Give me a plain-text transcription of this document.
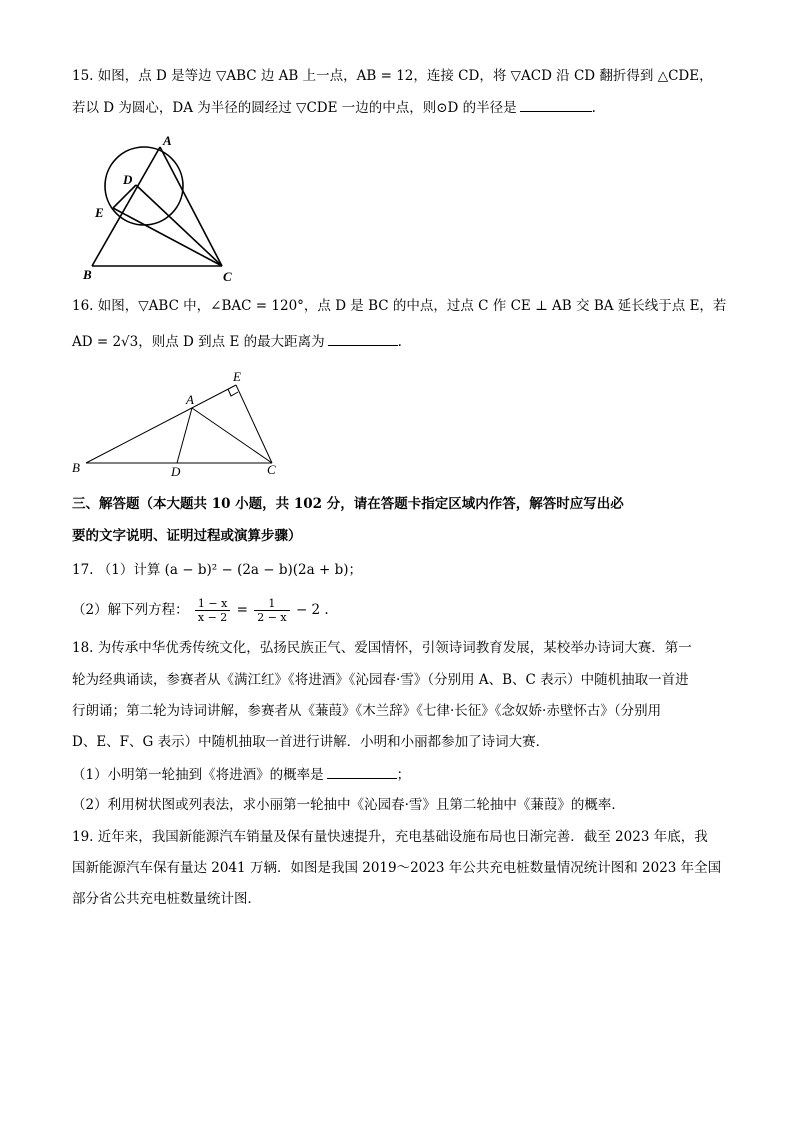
15. 如图，点 D 是等边 ▽ABC 边 AB 上一点，AB = 12，连接 CD，将 ▽ACD 沿 CD 翻折得到 △CDE，
若以 D 为圆心，DA 为半径的圆经过 ▽CDE 一边的中点，则⊙D 的半径是	.
A
D
E
B	C
16. 如图，▽ABC 中，∠BAC = 120°，点 D 是 BC 的中点，过点 C 作 CE ⊥ AB 交 BA 延长线于点 E，若
AD = 2√3，则点 D 到点 E 的最大距离为	.
E
A
B	D	C
三、解答题（本大题共 10 小题，共 102 分，请在答题卡指定区域内作答，解答时应写出必
要的文字说明、证明过程或演算步骤）
17. （1）计算 (a − b)² − (2a − b)(2a + b)；
（2）解下列方程： $\frac{1 - x}{x - 2} = \frac{1}{2 - x} - 2$ .
18. 为传承中华优秀传统文化，弘扬民族正气、爱国情怀，引领诗词教育发展，某校举办诗词大赛．第一
轮为经典诵读，参赛者从《满江红》《将进酒》《沁园春·雪》（分别用 A、B、C 表示）中随机抽取一首进
行朗诵；第二轮为诗词讲解，参赛者从《蒹葭》《木兰辞》《七律·长征》《念奴娇·赤壁怀古》（分别用
D、E、F、G 表示）中随机抽取一首进行讲解．小明和小丽都参加了诗词大赛．
（1）小明第一轮抽到《将进酒》的概率是	；
（2）利用树状图或列表法，求小丽第一轮抽中《沁园春·雪》且第二轮抽中《蒹葭》的概率．
19. 近年来，我国新能源汽车销量及保有量快速提升，充电基础设施布局也日渐完善．截至 2023 年底，我
国新能源汽车保有量达 2041 万辆．如图是我国 2019～2023 年公共充电桩数量情况统计图和 2023 年全国
部分省公共充电桩数量统计图．
